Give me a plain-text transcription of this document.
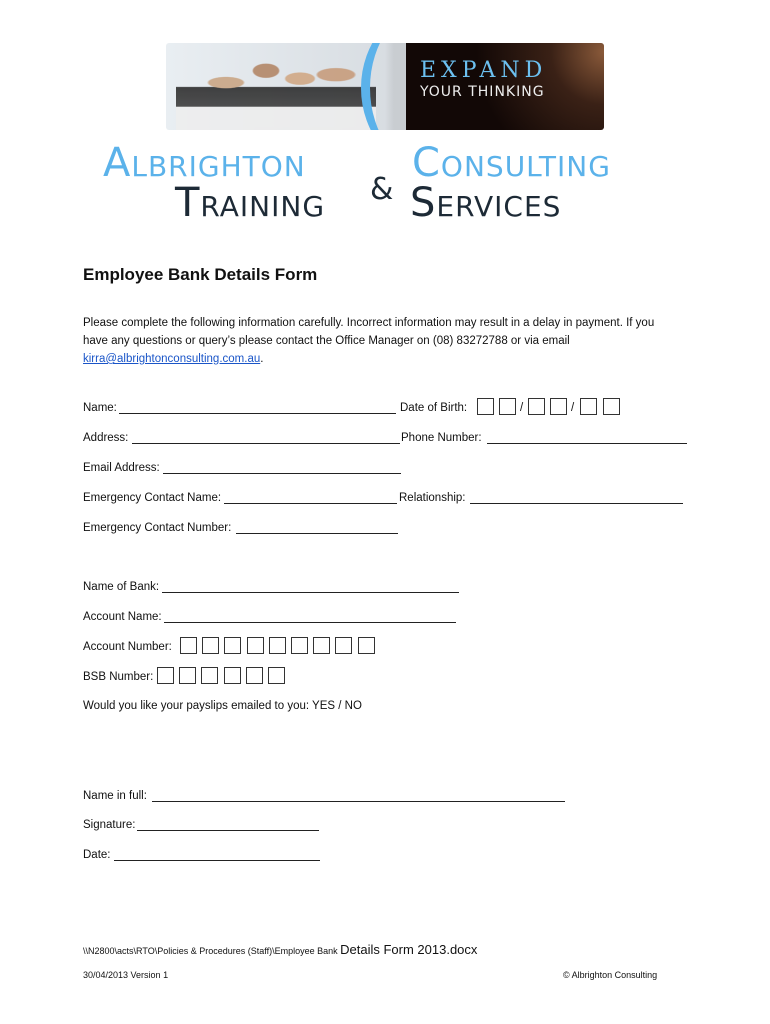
EXPAND
YOUR THINKING
Albrighton	Consulting
Training & Services
Employee Bank Details Form
Please complete the following information carefully. Incorrect information may result in a delay in payment. If you
have any questions or query’s please contact the Office Manager on (08) 83272788 or via email
kirra@albrightonconsulting.com.au.
Name:	Date of Birth:	/	/
Address:	Phone Number:
Email Address:
Emergency Contact Name:	Relationship:
Emergency Contact Number:
Name of Bank:
Account Name:
Account Number:
BSB Number:
Would you like your payslips emailed to you: YES / NO
Name in full:
Signature:
Date:
\\N2800\acts\RTO\Policies & Procedures (Staff)\Employee Bank Details Form 2013.docx
30/04/2013 Version 1	© Albrighton Consulting
